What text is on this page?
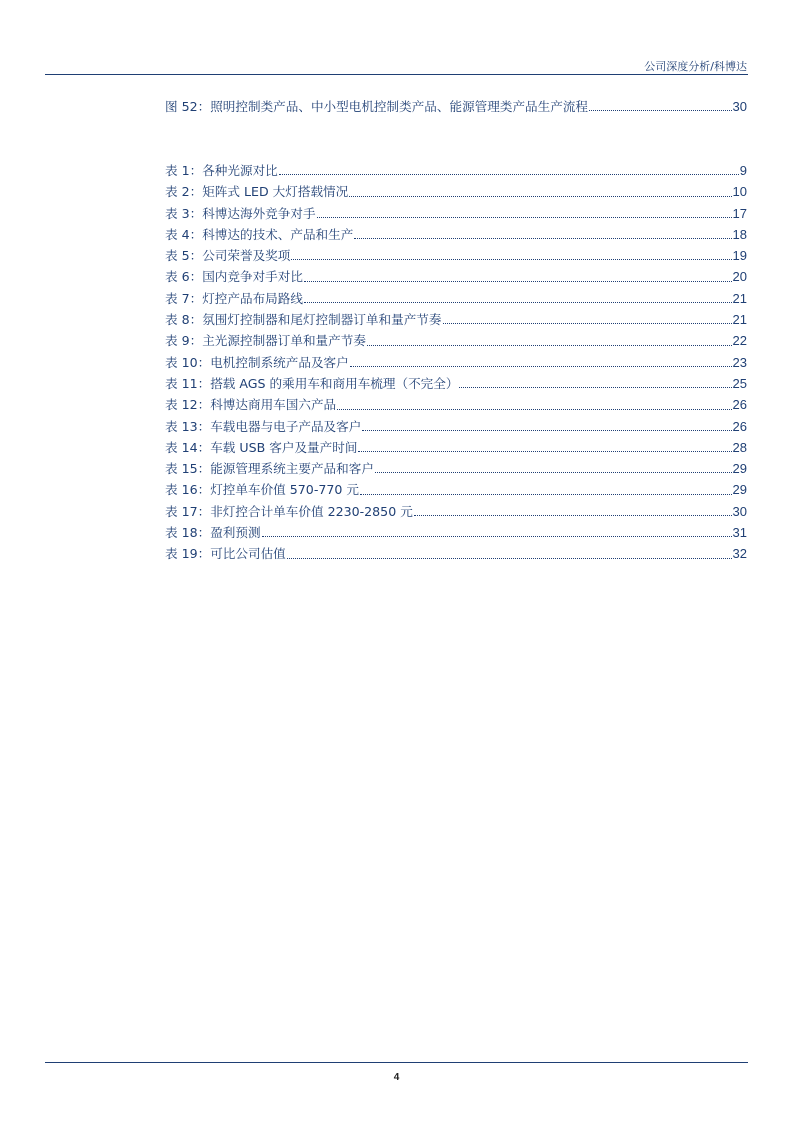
公司深度分析/科博达
图 52：照明控制类产品、中小型电机控制类产品、能源管理类产品生产流程	30
表 1：各种光源对比	9
表 2：矩阵式 LED 大灯搭载情况	10
表 3：科博达海外竞争对手	17
表 4：科博达的技术、产品和生产	18
表 5：公司荣誉及奖项	19
表 6：国内竞争对手对比	20
表 7：灯控产品布局路线	21
表 8：氛围灯控制器和尾灯控制器订单和量产节奏	21
表 9：主光源控制器订单和量产节奏	22
表 10：电机控制系统产品及客户	23
表 11：搭载 AGS 的乘用车和商用车梳理（不完全）	25
表 12：科博达商用车国六产品	26
表 13：车载电器与电子产品及客户	26
表 14：车载 USB 客户及量产时间	28
表 15：能源管理系统主要产品和客户	29
表 16：灯控单车价值 570-770 元	29
表 17：非灯控合计单车价值 2230-2850 元	30
表 18：盈利预测	31
表 19：可比公司估值	32
4
